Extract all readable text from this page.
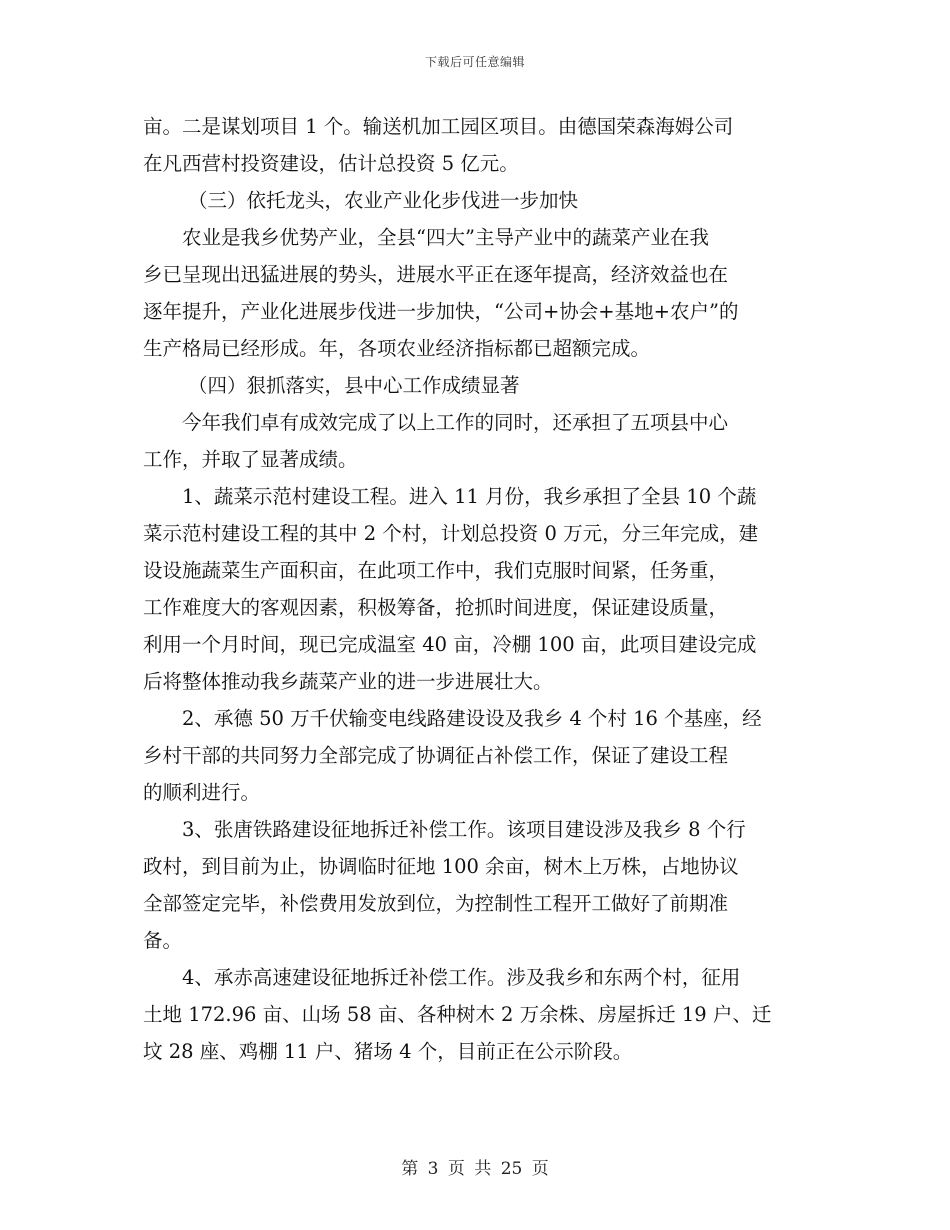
下载后可任意编辑
亩。二是谋划项目 1 个。输送机加工园区项目。由德国荣森海姆公司
在凡西营村投资建设，估计总投资 5 亿元。
（三）依托龙头，农业产业化步伐进一步加快
农业是我乡优势产业，全县“四大”主导产业中的蔬菜产业在我
乡已呈现出迅猛进展的势头，进展水平正在逐年提高，经济效益也在
逐年提升，产业化进展步伐进一步加快，“公司+协会+基地+农户”的
生产格局已经形成。年，各项农业经济指标都已超额完成。
（四）狠抓落实，县中心工作成绩显著
今年我们卓有成效完成了以上工作的同时，还承担了五项县中心
工作，并取了显著成绩。
1、蔬菜示范村建设工程。进入 11 月份，我乡承担了全县 10 个蔬
菜示范村建设工程的其中 2 个村，计划总投资 0 万元，分三年完成，建
设设施蔬菜生产面积亩，在此项工作中，我们克服时间紧，任务重，
工作难度大的客观因素，积极筹备，抢抓时间进度，保证建设质量，
利用一个月时间，现已完成温室 40 亩，冷棚 100 亩，此项目建设完成
后将整体推动我乡蔬菜产业的进一步进展壮大。
2、承德 50 万千伏输变电线路建设设及我乡 4 个村 16 个基座，经
乡村干部的共同努力全部完成了协调征占补偿工作，保证了建设工程
的顺利进行。
3、张唐铁路建设征地拆迁补偿工作。该项目建设涉及我乡 8 个行
政村，到目前为止，协调临时征地 100 余亩，树木上万株，占地协议
全部签定完毕，补偿费用发放到位，为控制性工程开工做好了前期准
备。
4、承赤高速建设征地拆迁补偿工作。涉及我乡和东两个村，征用
土地 172.96 亩、山场 58 亩、各种树木 2 万余株、房屋拆迁 19 户、迁
坟 28 座、鸡棚 11 户、猪场 4 个，目前正在公示阶段。
第 3 页 共 25 页
